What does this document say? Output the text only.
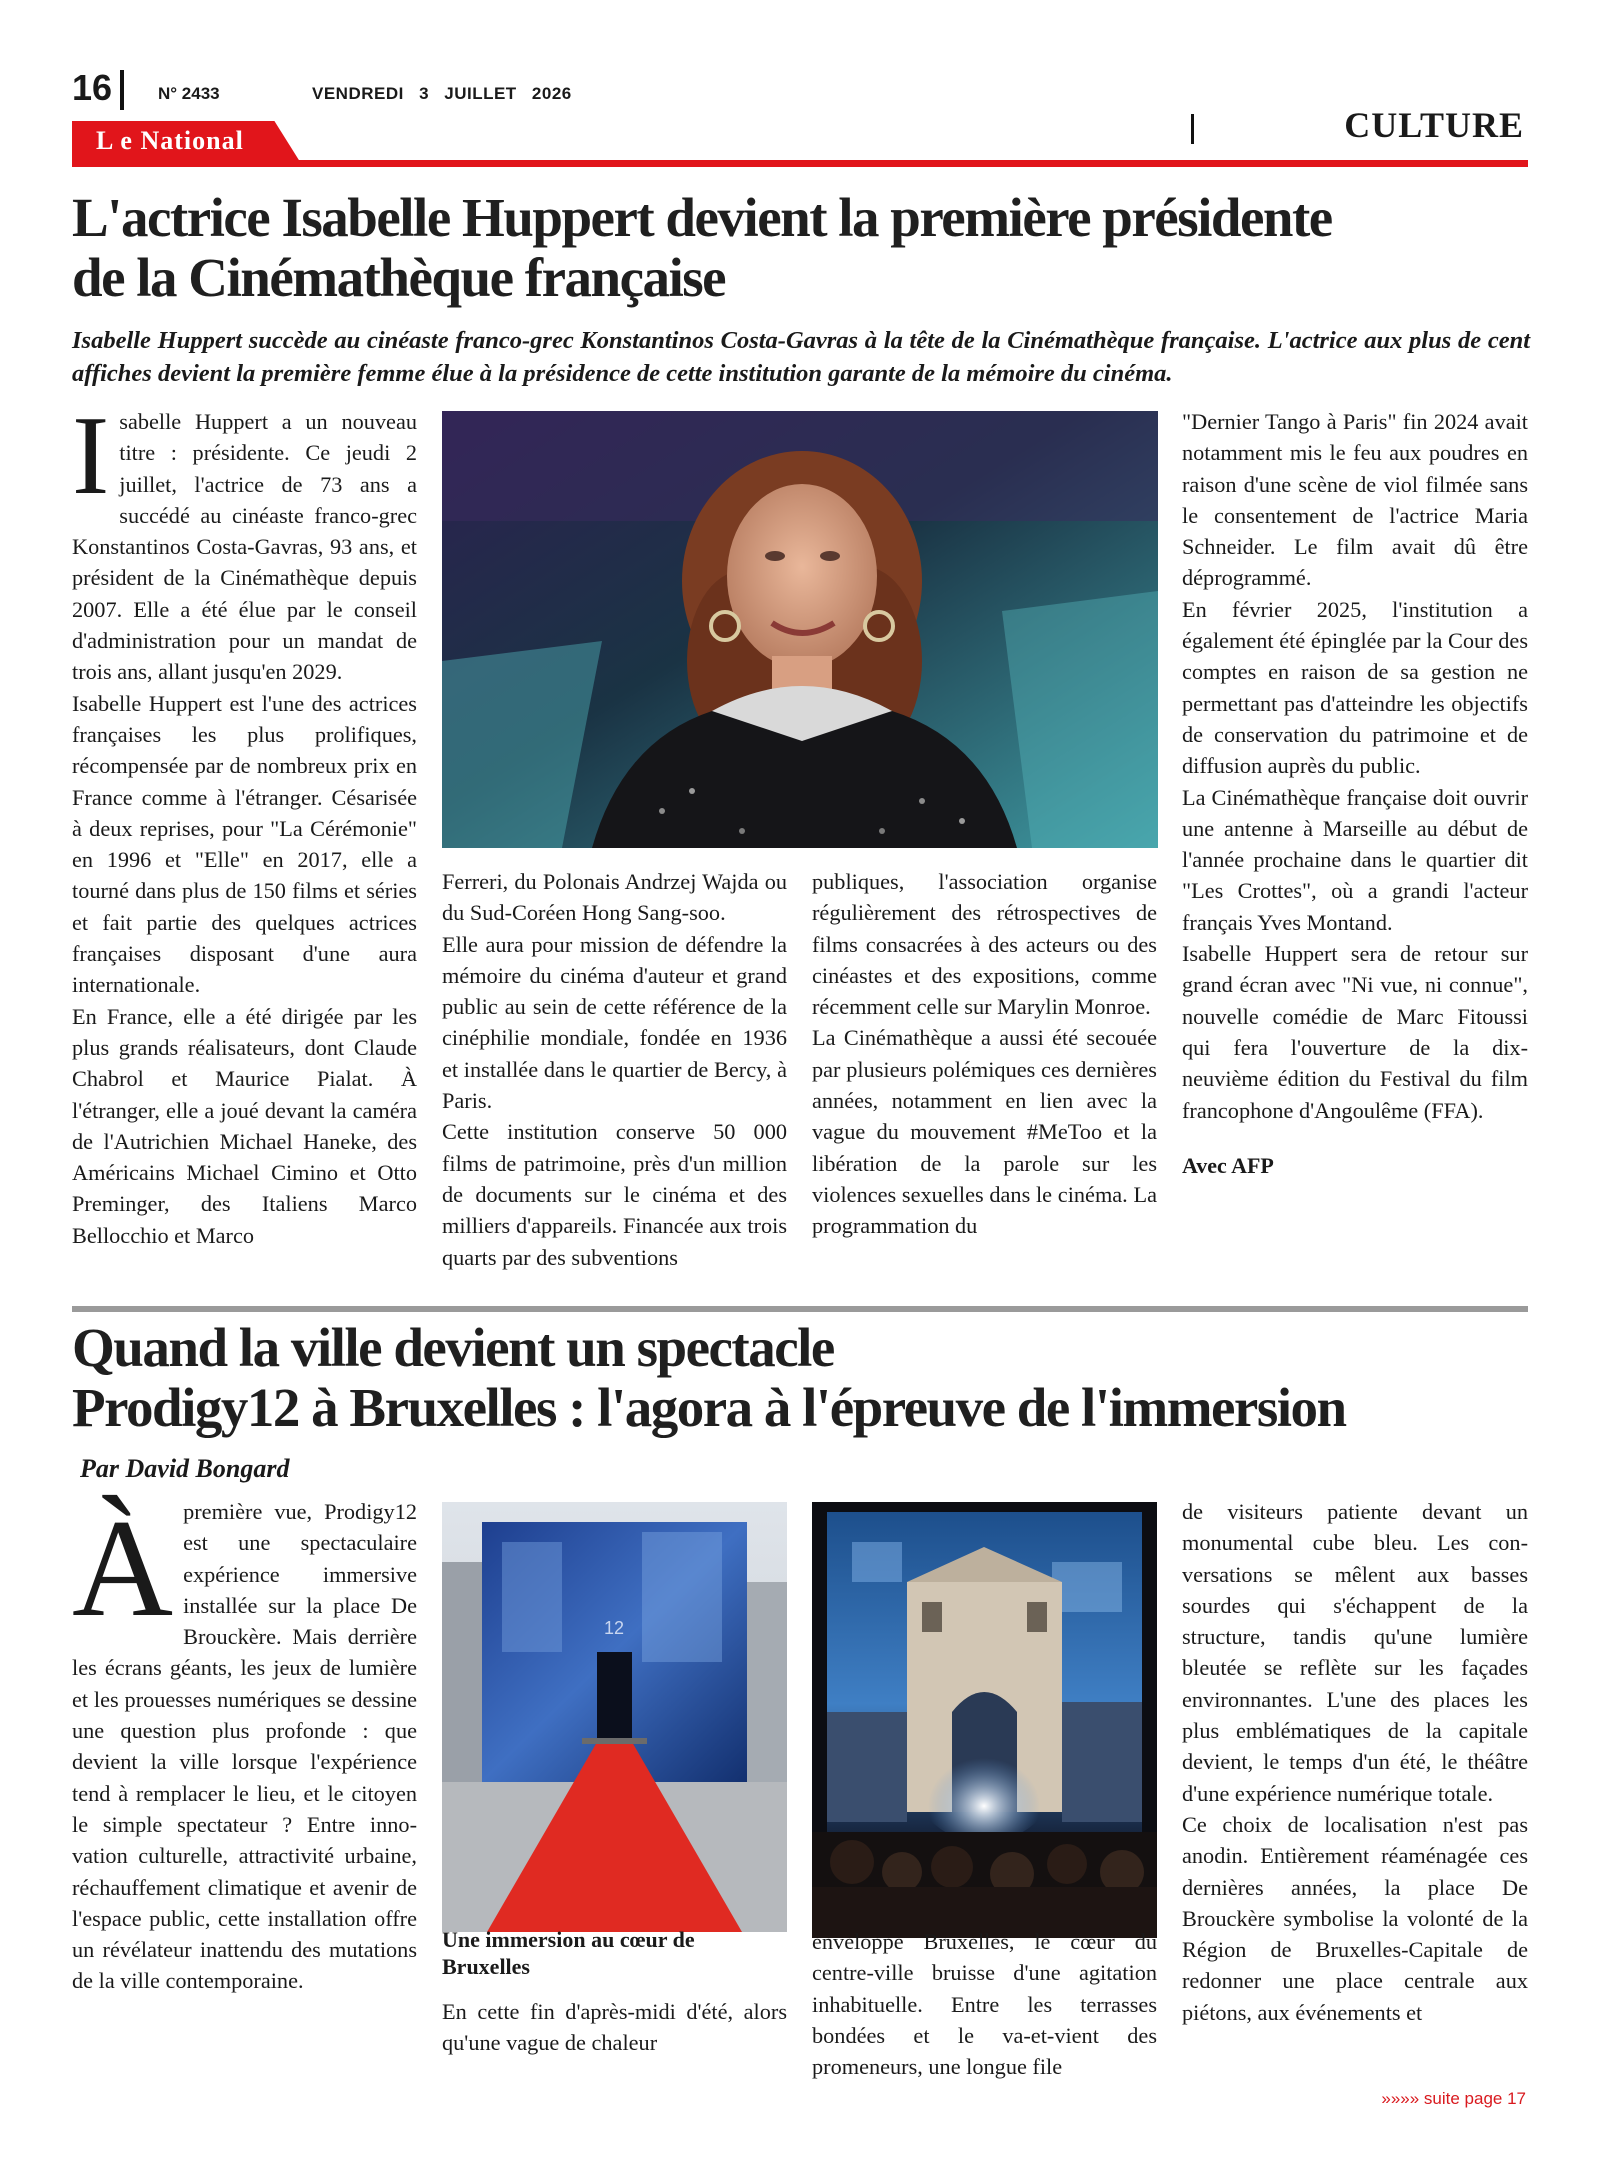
16	N° 2433	VENDREDI 3 JUILLET 2026
CULTURE
L e National
L'actrice Isabelle Huppert devient la première présidente
de la Cinémathèque française

Isabelle Huppert succède au cinéaste franco-grec Konstantinos Costa-Gavras à la tête de la Cinémathèque française. L'actrice aux plus de cent affiches devient la première femme élue à la présidence de cette institution garante de la mémoire du cinéma.

Isabelle Huppert a un nouveau titre : présidente. Ce jeudi 2 juillet, l'actrice de 73 ans a succédé au cinéaste franco-grec Konstantinos Costa-Gavras, 93 ans, et président de la Cinémathèque depuis 2007. Elle a été élue par le conseil d'administration pour un mandat de trois ans, allant jusqu'en 2029.

Isabelle Huppert est l'une des actrices françaises les plus prolifiques, récompensée par de nombreux prix en France comme à l'étranger. Césarisée à deux reprises, pour "La Cérémonie" en 1996 et "Elle" en 2017, elle a tourné dans plus de 150 films et séries et fait partie des quelques actrices françaises disposant d'une aura internationale.

En France, elle a été dirigée par les plus grands réalisateurs, dont Claude Chabrol et Maurice Pialat. À l'étranger, elle a joué devant la caméra de l'Autrichien Michael Haneke, des Américains Michael Cimino et Otto Preminger, des Italiens Marco Bellocchio et Marco

Ferreri, du Polonais Andrzej Wajda ou du Sud-Coréen Hong Sang-soo.

Elle aura pour mission de défendre la mémoire du cinéma d'auteur et grand public au sein de cette référence de la cinéphilie mondiale, fondée en 1936 et installée dans le quartier de Bercy, à Paris.

Cette institution conserve 50 000 films de patrimoine, près d'un million de documents sur le cinéma et des milliers d'appareils. Financée aux trois quarts par des subventions

publiques, l'association organise régulièrement des rétrospectives de films consacrées à des acteurs ou des cinéastes et des expositions, comme récemment celle sur Marylin Monroe.

La Cinémathèque a aussi été secouée par plusieurs polémiques ces dernières années, notamment en lien avec la vague du mouvement #MeToo et la libération de la parole sur les violences sexuelles dans le cinéma. La programmation du

"Dernier Tango à Paris" fin 2024 avait notamment mis le feu aux poudres en raison d'une scène de viol filmée sans le consentement de l'actrice Maria Schneider. Le film avait dû être déprogrammé.

En février 2025, l'institution a également été épinglée par la Cour des comptes en raison de sa gestion ne permettant pas d'atteindre les objectifs de conservation du patrimoine et de diffusion auprès du public.

La Cinémathèque française doit ouvrir une antenne à Marseille au début de l'année prochaine dans le quartier dit "Les Crottes", où a grandi l'acteur français Yves Montand.

Isabelle Huppert sera de retour sur grand écran avec "Ni vue, ni connue", nouvelle comédie de Marc Fitoussi qui fera l'ouverture de la dix-neuvième édition du Festival du film francophone d'Angoulême (FFA).

Avec AFP

Quand la ville devient un spectacle
Prodigy12 à Bruxelles : l'agora à l'épreuve de l'immersion
Par David Bongard

Àpremière vue, Prodigy12 est une spectaculaire expérience immersive installée sur la place De Brouckère. Mais derrière les écrans géants, les jeux de lumière et les prouesses numériques se dessine une question plus profonde : que devient la ville lorsque l'expérience tend à remplacer le lieu, et le citoyen le simple spectateur ? Entre innovation culturelle, attractivité urbaine, réchauffement climatique et avenir de l'espace public, cette installation offre un révélateur inattendu des mutations de la ville contemporaine.

12
Une immersion au cœur de Bruxelles

En cette fin d'après-midi d'été, alors qu'une vague de chaleur

enveloppe Bruxelles, le cœur du centre-ville bruisse d'une agitation inhabituelle. Entre les terrasses bondées et le va-et-vient des promeneurs, une longue file

de visiteurs patiente devant un monumental cube bleu. Les conversations se mêlent aux basses sourdes qui s'échappent de la structure, tandis qu'une lumière bleutée se reflète sur les façades environnantes. L'une des places les plus emblématiques de la capitale devient, le temps d'un été, le théâtre d'une expérience numérique totale.

Ce choix de localisation n'est pas anodin. Entièrement réaménagée ces dernières années, la place De Brouckère symbolise la volonté de la Région de Bruxelles-Capitale de redonner une place centrale aux piétons, aux événements et

»»»» suite page 17
